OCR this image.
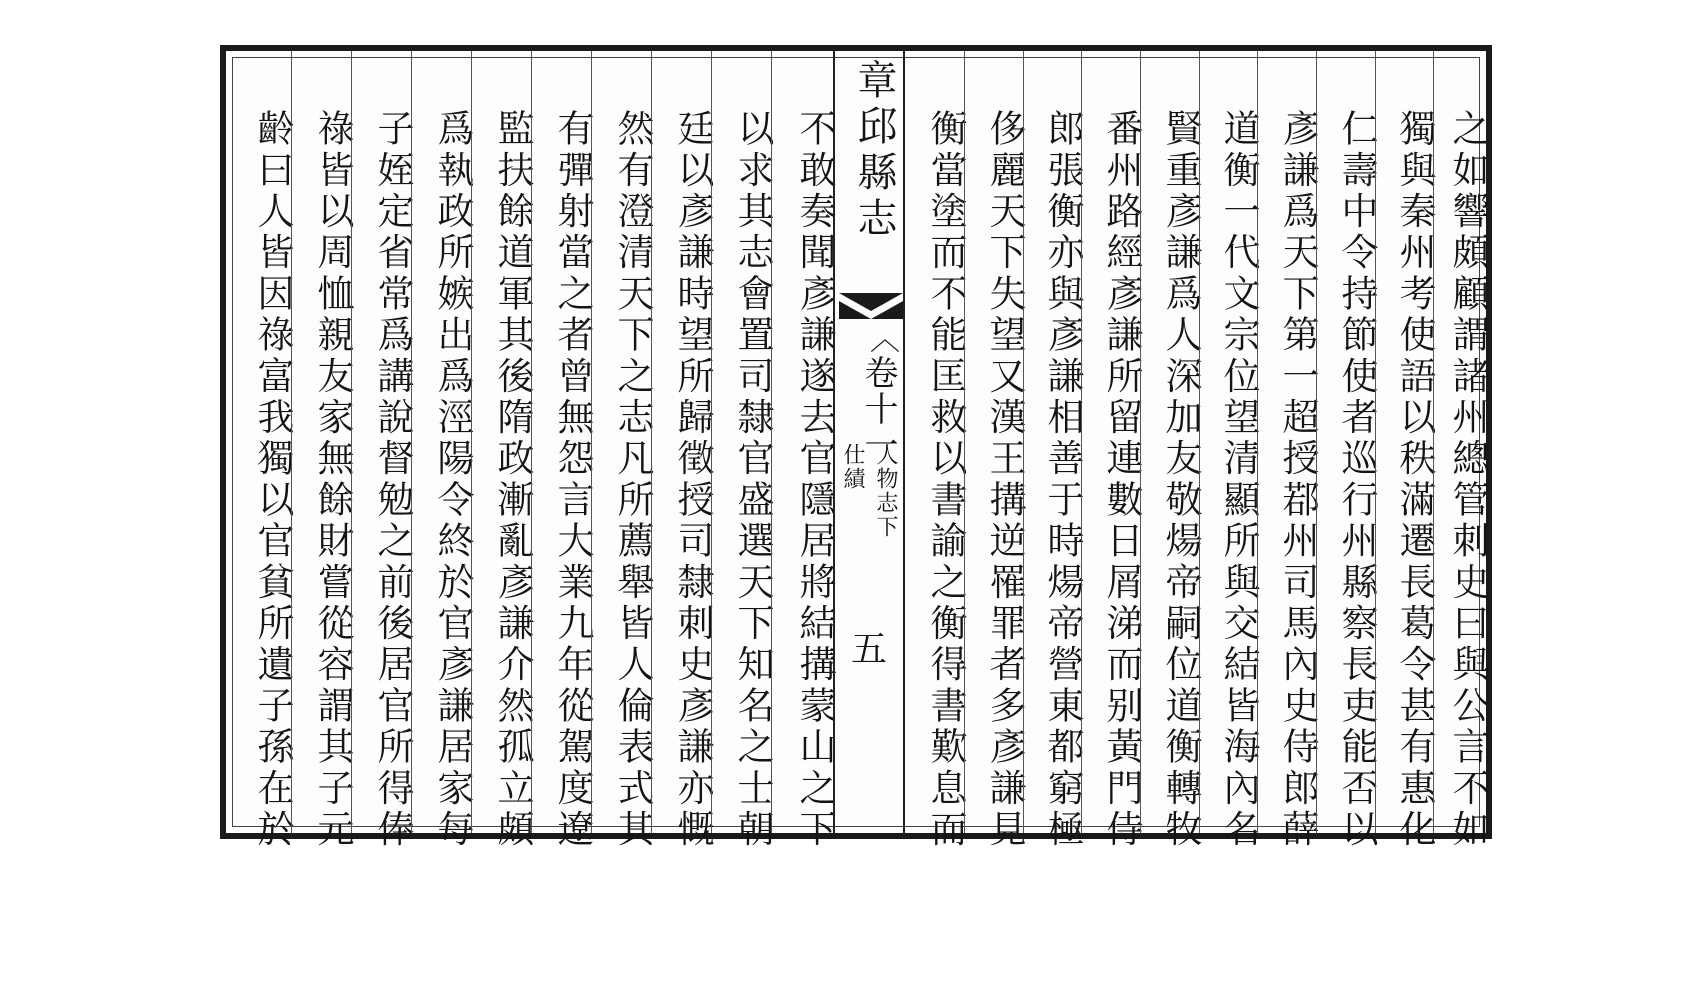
齡曰人皆因祿富我獨以官貧所遺子孫在於 祿皆以周恤親友家無餘財嘗從容謂其子元 子姪定省常爲講說督勉之前後居官所得俸 爲執政所嫉出爲涇陽令終於官彥謙居家每 監扶餘道軍其後隋政漸亂彥謙介然孤立頗 有彈射當之者曾無怨言大業九年從駕度遼 然有澄清天下之志凡所薦舉皆人倫表式其 廷以彥謙時望所歸徵授司隸刺史彥謙亦慨 以求其志會置司隸官盛選天下知名之士朝 不敢奏聞彥謙遂去官隱居將結搆蒙山之下 章邱縣志
〈
卷十一
人物志下
仕績
五	衡當塗而不能匡救以書諭之衡得書歎息而 侈麗天下失望又漢王搆逆罹罪者多彥謙見 郎張衡亦與彥謙相善于時煬帝營東都窮極 番州路經彥謙所留連數日屑涕而别黃門侍 賢重彥謙爲人深加友敬煬帝嗣位道衡轉牧 道衡一代文宗位望清顯所與交結皆海內名 彥謙爲天下第一超授鄀州司馬內史侍郎薛 仁壽中令持節使者巡行州縣察長吏能否以 獨與秦州考使語以秩滿遷長葛令甚有惠化 之如響頗顧謂諸州總管刺史曰與公言不如
